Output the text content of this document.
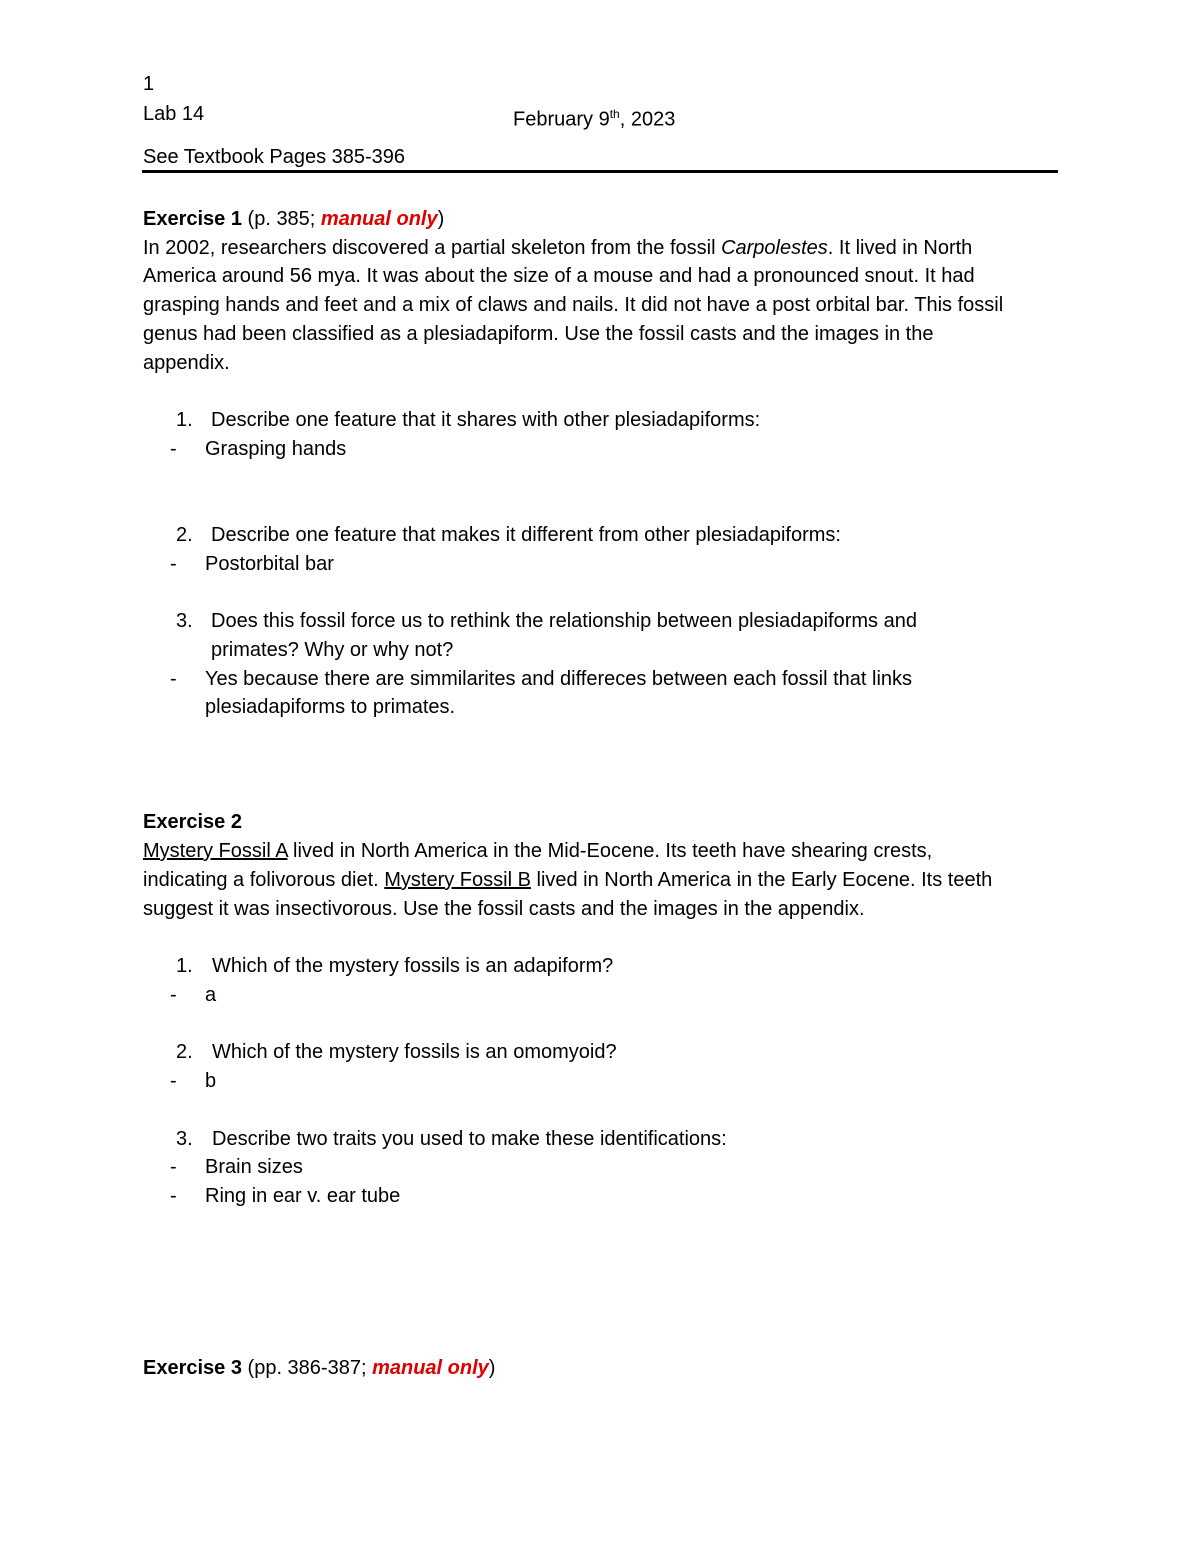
1
Lab 14	February 9th, 2023
See Textbook Pages 385-396
Exercise 1 (p. 385; manual only)
In 2002, researchers discovered a partial skeleton from the fossil Carpolestes. It lived in North
America around 56 mya. It was about the size of a mouse and had a pronounced snout. It had
grasping hands and feet and a mix of claws and nails. It did not have a post orbital bar. This fossil
genus had been classified as a plesiadapiform. Use the fossil casts and the images in the
appendix.
1. Describe one feature that it shares with other plesiadapiforms:
- Grasping hands
2. Describe one feature that makes it different from other plesiadapiforms:
- Postorbital bar
3. Does this fossil force us to rethink the relationship between plesiadapiforms and
primates? Why or why not?
- Yes because there are simmilarites and differeces between each fossil that links
plesiadapiforms to primates.
Exercise 2
Mystery Fossil A lived in North America in the Mid-Eocene. Its teeth have shearing crests,
indicating a folivorous diet. Mystery Fossil B lived in North America in the Early Eocene. Its teeth
suggest it was insectivorous. Use the fossil casts and the images in the appendix.
1. Which of the mystery fossils is an adapiform?
- a
2. Which of the mystery fossils is an omomyoid?
- b
3. Describe two traits you used to make these identifications:
- Brain sizes
- Ring in ear v. ear tube
Exercise 3 (pp. 386-387; manual only)
